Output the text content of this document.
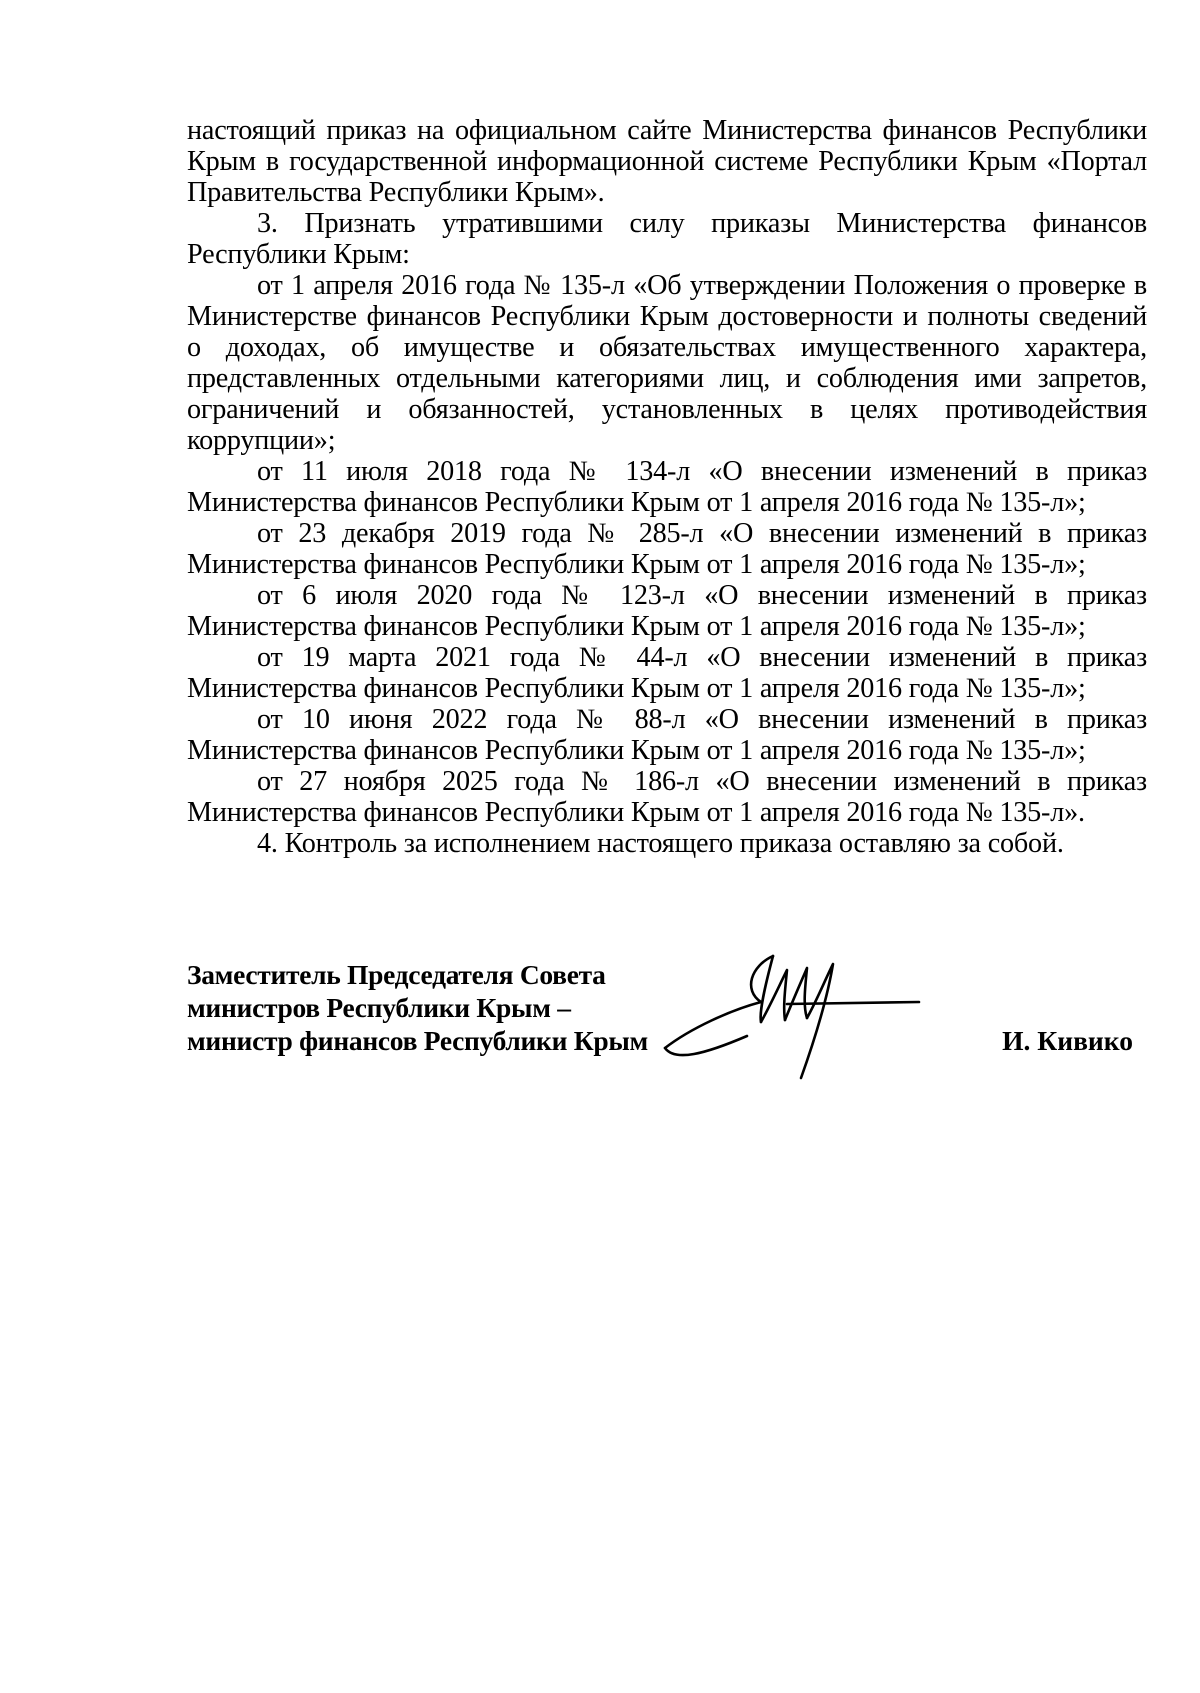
настоящий приказ на официальном сайте Министерства финансов Республики Крым в государственной информационной системе Республики Крым «Портал Правительства Республики Крым».

3. Признать утратившими силу приказы Министерства финансов Республики Крым:

от 1 апреля 2016 года № 135-л «Об утверждении Положения о проверке в Министерстве финансов Республики Крым достоверности и полноты сведений о доходах, об имуществе и обязательствах имущественного характера, представленных отдельными категориями лиц, и соблюдения ими запретов, ограничений и обязанностей, установленных в целях противодействия коррупции»;

от 11 июля 2018 года № 134-л «О внесении изменений в приказ Министерства финансов Республики Крым от 1 апреля 2016 года № 135-л»;

от 23 декабря 2019 года № 285-л «О внесении изменений в приказ Министерства финансов Республики Крым от 1 апреля 2016 года № 135-л»;

от 6 июля 2020 года № 123-л «О внесении изменений в приказ Министерства финансов Республики Крым от 1 апреля 2016 года № 135-л»;

от 19 марта 2021 года № 44-л «О внесении изменений в приказ Министерства финансов Республики Крым от 1 апреля 2016 года № 135-л»;

от 10 июня 2022 года № 88-л «О внесении изменений в приказ Министерства финансов Республики Крым от 1 апреля 2016 года № 135-л»;

от 27 ноября 2025 года № 186-л «О внесении изменений в приказ Министерства финансов Республики Крым от 1 апреля 2016 года № 135-л».

4. Контроль за исполнением настоящего приказа оставляю за собой.

Заместитель Председателя Совета
министров Республики Крым –
министр финансов Республики Крым	И. Кивико
